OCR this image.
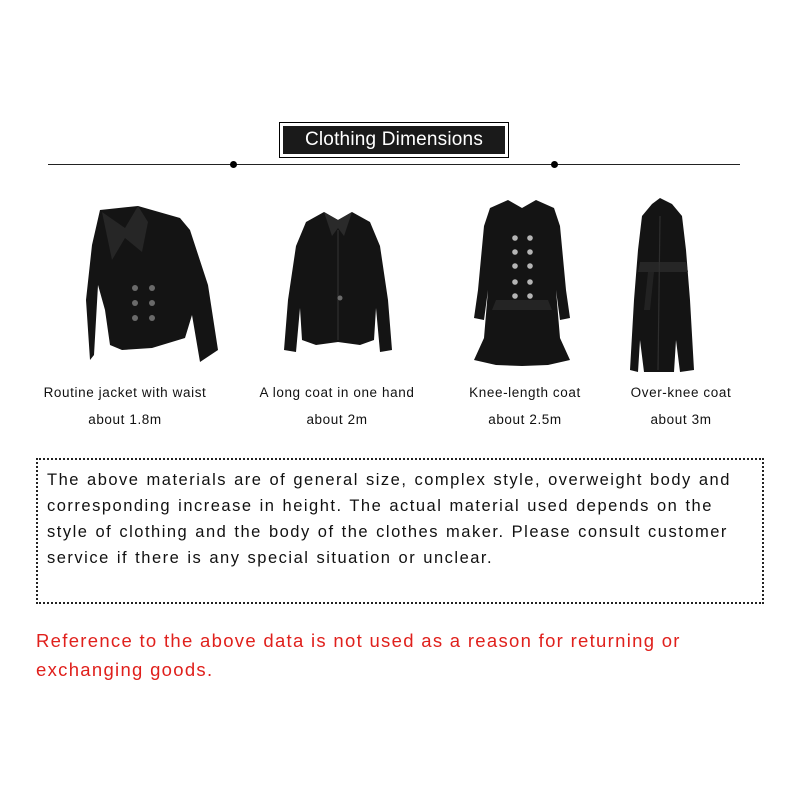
Clothing Dimensions
Routine jacket with waist
about 1.8m
A long coat in one hand
about 2m
Knee-length coat
about 2.5m
Over-knee coat
about 3m

The above materials are of general size, complex style, overweight body and corresponding increase in height. The actual material used depends on the style of clothing and the body of the clothes maker. Please consult customer service if there is any special situation or unclear.

Reference to the above data is not used as a reason for returning or exchanging goods.
